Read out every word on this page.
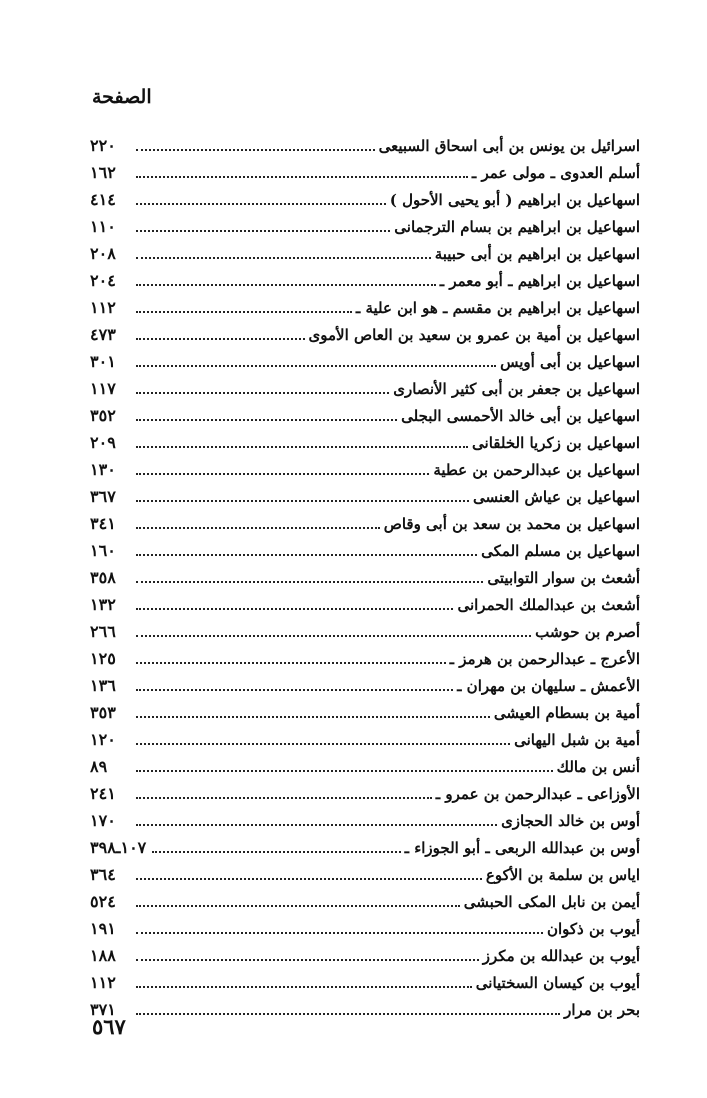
الصفحة
٢٢٠	اسرائيل بن يونس بن أبى اسحاق السبيعى
١٦٢	أسلم العدوى ـ مولى عمر ـ
٤١٤	اسهاعيل بن ابراهيم ( أبو يحيى الأحول )
١١٠	اسهاعيل بن ابراهيم بن بسام الترجمانى
٢٠٨	اسهاعيل بن ابراهيم بن أبى حبيبة
٢٠٤	اسهاعيل بن ابراهيم ـ أبو معمر ـ
١١٢	اسهاعيل بن ابراهيم بن مقسم ـ هو ابن علية ـ
٤٧٣	اسهاعيل بن أمية بن عمرو بن سعيد بن العاص الأموى
٣٠١	اسهاعيل بن أبى أويس
١١٧	اسهاعيل بن جعفر بن أبى كثير الأنصارى
٣٥٢	اسهاعيل بن أبى خالد الأحمسى البجلى
٢٠٩	اسهاعيل بن زكريا الخلقانى
١٣٠	اسهاعيل بن عبدالرحمن بن عطية
٣٦٧	اسهاعيل بن عياش العنسى
٣٤١	اسهاعيل بن محمد بن سعد بن أبى وقاص
١٦٠	اسهاعيل بن مسلم المكى
٣٥٨	أشعث بن سوار التوابيتى
١٣٢	أشعث بن عبدالملك الحمرانى
٢٦٦	أصرم بن حوشب
١٢٥	الأعرج ـ عبدالرحمن بن هرمز ـ
١٣٦	الأعمش ـ سليهان بن مهران ـ
٣٥٣	أمية بن بسطام العيشى
١٢٠	أمية بن شبل اليهانى
٨٩	أنس بن مالك
٢٤١	الأوزاعى ـ عبدالرحمن بن عمرو ـ
١٧٠	أوس بن خالد الحجازى
١٠٧ـ٣٩٨	أوس بن عبدالله الربعى ـ أبو الجوزاء ـ
٣٦٤	اياس بن سلمة بن الأكوع
٥٢٤	أيمن بن نابل المكى الحبشى
١٩١	أيوب بن ذكوان
١٨٨	أيوب بن عبدالله بن مكرز
١١٢	أيوب بن كيسان السختيانى
٣٧١	بحر بن مرار
٥٦٧
